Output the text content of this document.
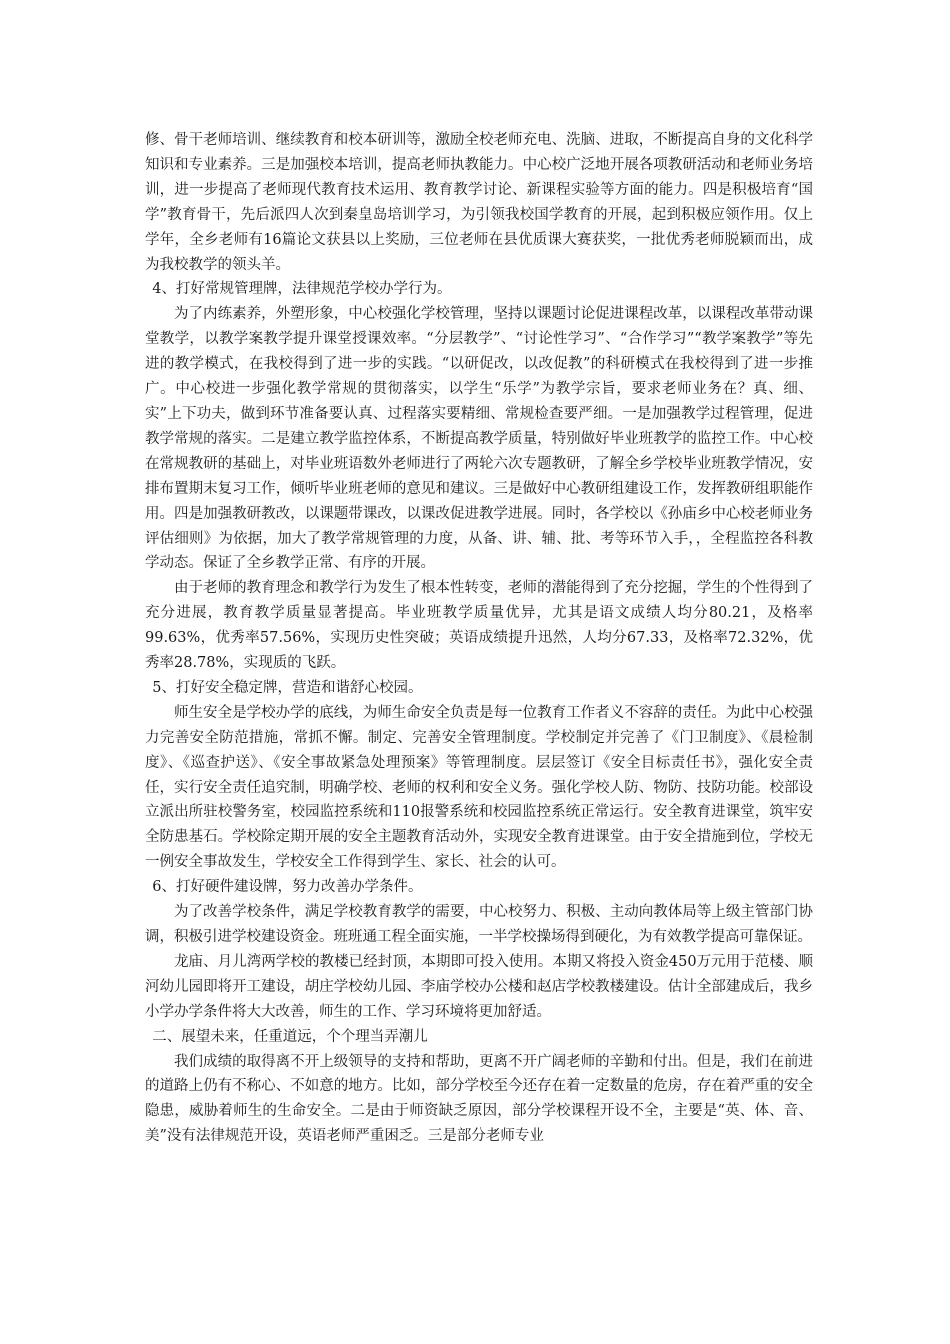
修、骨干老师培训、继续教育和校本研训等，激励全校老师充电、洗脑、进取，不断提高自身的文化科学知识和专业素养。三是加强校本培训，提高老师执教能力。中心校广泛地开展各项教研活动和老师业务培训，进一步提高了老师现代教育技术运用、教育教学讨论、新课程实验等方面的能力。四是积极培育“国学”教育骨干，先后派四人次到秦皇岛培训学习，为引领我校国学教育的开展，起到积极应领作用。仅上学年，全乡老师有16篇论文获县以上奖励，三位老师在县优质课大赛获奖，一批优秀老师脱颖而出，成为我校教学的领头羊。

4、打好常规管理牌，法律规范学校办学行为。

为了内练素养，外塑形象，中心校强化学校管理，坚持以课题讨论促进课程改革，以课程改革带动课堂教学，以教学案教学提升课堂授课效率。“分层教学”、“讨论性学习”、“合作学习”“教学案教学”等先进的教学模式，在我校得到了进一步的实践。“以研促改，以改促教”的科研模式在我校得到了进一步推广。中心校进一步强化教学常规的贯彻落实，以学生“乐学”为教学宗旨，要求老师业务在？真、细、实”上下功夫，做到环节准备要认真、过程落实要精细、常规检查要严细。一是加强教学过程管理，促进教学常规的落实。二是建立教学监控体系，不断提高教学质量，特别做好毕业班教学的监控工作。中心校在常规教研的基础上，对毕业班语数外老师进行了两轮六次专题教研，了解全乡学校毕业班教学情况，安排布置期末复习工作，倾听毕业班老师的意见和建议。三是做好中心教研组建设工作，发挥教研组职能作用。四是加强教研教改，以课题带课改，以课改促进教学进展。同时，各学校以《孙庙乡中心校老师业务评估细则》为依据，加大了教学常规管理的力度，从备、讲、辅、批、考等环节入手，，全程监控各科教学动态。保证了全乡教学正常、有序的开展。

由于老师的教育理念和教学行为发生了根本性转变，老师的潜能得到了充分挖掘，学生的个性得到了充分进展，教育教学质量显著提高。毕业班教学质量优异，尤其是语文成绩人均分80.21，及格率99.63%，优秀率57.56%，实现历史性突破；英语成绩提升迅然，人均分67.33，及格率72.32%，优秀率28.78%，实现质的飞跃。

5、打好安全稳定牌，营造和谐舒心校园。

师生安全是学校办学的底线，为师生命安全负责是每一位教育工作者义不容辞的责任。为此中心校强力完善安全防范措施，常抓不懈。制定、完善安全管理制度。学校制定并完善了《门卫制度》、《晨检制度》、《巡查护送》、《安全事故紧急处理预案》等管理制度。层层签订《安全目标责任书》，强化安全责任，实行安全责任追究制，明确学校、老师的权利和安全义务。强化学校人防、物防、技防功能。校部设立派出所驻校警务室，校园监控系统和110报警系统和校园监控系统正常运行。安全教育进课堂，筑牢安全防患基石。学校除定期开展的安全主题教育活动外，实现安全教育进课堂。由于安全措施到位，学校无一例安全事故发生，学校安全工作得到学生、家长、社会的认可。

6、打好硬件建设牌，努力改善办学条件。

为了改善学校条件，满足学校教育教学的需要，中心校努力、积极、主动向教体局等上级主管部门协调，积极引进学校建设资金。班班通工程全面实施，一半学校操场得到硬化，为有效教学提高可靠保证。

龙庙、月儿湾两学校的教楼已经封顶，本期即可投入使用。本期又将投入资金450万元用于范楼、顺河幼儿园即将开工建设，胡庄学校幼儿园、李庙学校办公楼和赵店学校教楼建设。估计全部建成后，我乡小学办学条件将大大改善，师生的工作、学习环境将更加舒适。

二、展望未来，任重道远，个个理当弄潮儿

我们成绩的取得离不开上级领导的支持和帮助，更离不开广阔老师的辛勤和付出。但是，我们在前进的道路上仍有不称心、不如意的地方。比如，部分学校至今还存在着一定数量的危房，存在着严重的安全隐患，威胁着师生的生命安全。二是由于师资缺乏原因，部分学校课程开设不全，主要是“英、体、音、美”没有法律规范开设，英语老师严重困乏。三是部分老师专业
